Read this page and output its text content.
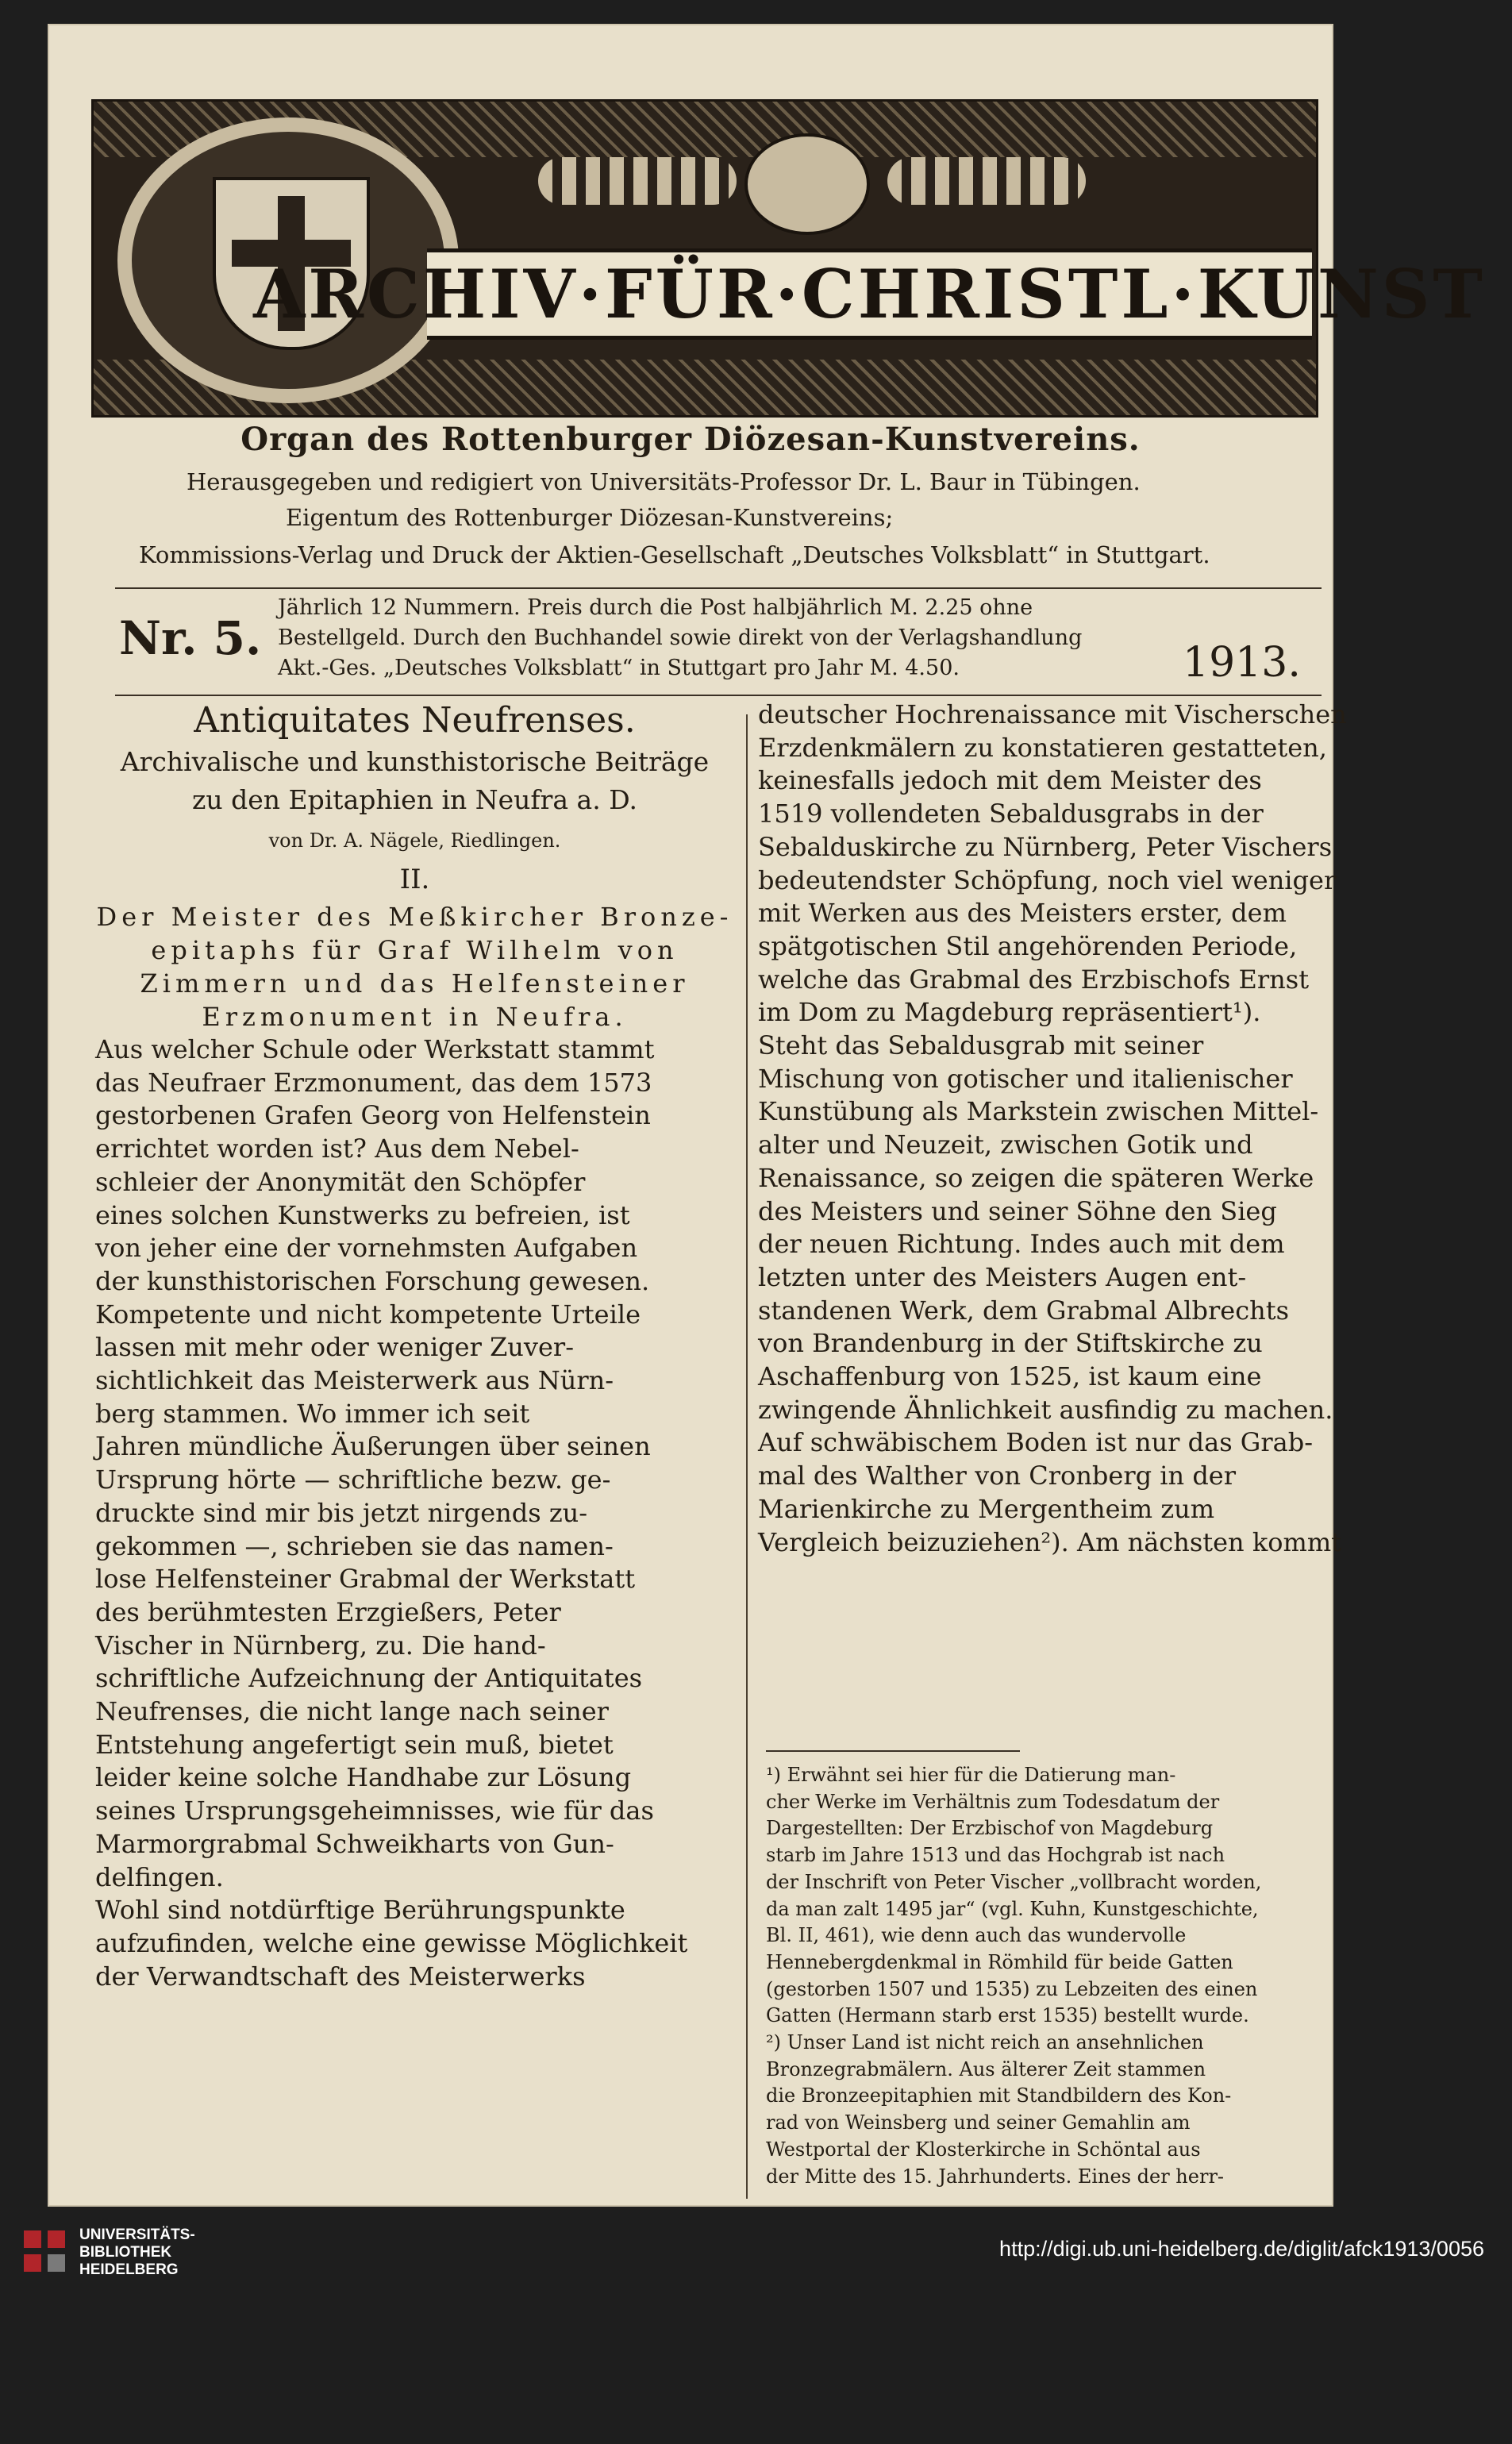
ARCHIV·FÜR·CHRISTL·KUNST
Organ des Rottenburger Diözesan-Kunstvereins.
Herausgegeben und redigiert von Universitäts-Professor Dr. L. Baur in Tübingen.
Eigentum des Rottenburger Diözesan-Kunstvereins;
Kommissions-Verlag und Druck der Aktien-Gesellschaft „Deutsches Volksblatt“ in Stuttgart.
Nr. 5.
Jährlich 12 Nummern. Preis durch die Post halbjährlich M. 2.25 ohne
Bestellgeld. Durch den Buchhandel sowie direkt von der Verlagshandlung
Akt.-Ges. „Deutsches Volksblatt“ in Stuttgart pro Jahr M. 4.50.	1913.
Antiquitates Neufrenses.
Archivalische und kunsthistorische Beiträge
zu den Epitaphien in Neufra a. D.
von Dr. A. Nägele, Riedlingen.
II.
Der Meister des Meßkircher Bronze-
epitaphs für Graf Wilhelm von
Zimmern und das Helfensteiner
Erzmonument in Neufra.
Aus welcher Schule oder Werkstatt stammt
das Neufraer Erzmonument, das dem 1573
gestorbenen Grafen Georg von Helfenstein
errichtet worden ist? Aus dem Nebel-
schleier der Anonymität den Schöpfer
eines solchen Kunstwerks zu befreien, ist
von jeher eine der vornehmsten Aufgaben
der kunsthistorischen Forschung gewesen.
Kompetente und nicht kompetente Urteile
lassen mit mehr oder weniger Zuver-
sichtlichkeit das Meisterwerk aus Nürn-
berg stammen. Wo immer ich seit
Jahren mündliche Äußerungen über seinen
Ursprung hörte — schriftliche bezw. ge-
druckte sind mir bis jetzt nirgends zu-
gekommen —, schrieben sie das namen-
lose Helfensteiner Grabmal der Werkstatt
des berühmtesten Erzgießers, Peter
Vischer in Nürnberg, zu. Die hand-
schriftliche Aufzeichnung der Antiquitates
Neufrenses, die nicht lange nach seiner
Entstehung angefertigt sein muß, bietet
leider keine solche Handhabe zur Lösung
seines Ursprungsgeheimnisses, wie für das
Marmorgrabmal Schweikharts von Gun-
delfingen.
Wohl sind notdürftige Berührungspunkte
aufzufinden, welche eine gewisse Möglichkeit
der Verwandtschaft des Meisterwerks
deutscher Hochrenaissance mit Vischerschen
Erzdenkmälern zu konstatieren gestatteten,
keinesfalls jedoch mit dem Meister des
1519 vollendeten Sebaldusgrabs in der
Sebalduskirche zu Nürnberg, Peter Vischers
bedeutendster Schöpfung, noch viel weniger
mit Werken aus des Meisters erster, dem
spätgotischen Stil angehörenden Periode,
welche das Grabmal des Erzbischofs Ernst
im Dom zu Magdeburg repräsentiert¹).
Steht das Sebaldusgrab mit seiner
Mischung von gotischer und italienischer
Kunstübung als Markstein zwischen Mittel-
alter und Neuzeit, zwischen Gotik und
Renaissance, so zeigen die späteren Werke
des Meisters und seiner Söhne den Sieg
der neuen Richtung. Indes auch mit dem
letzten unter des Meisters Augen ent-
standenen Werk, dem Grabmal Albrechts
von Brandenburg in der Stiftskirche zu
Aschaffenburg von 1525, ist kaum eine
zwingende Ähnlichkeit ausfindig zu machen.
Auf schwäbischem Boden ist nur das Grab-
mal des Walther von Cronberg in der
Marienkirche zu Mergentheim zum
Vergleich beizuziehen²). Am nächsten kommt
¹) Erwähnt sei hier für die Datierung man-
cher Werke im Verhältnis zum Todesdatum der
Dargestellten: Der Erzbischof von Magdeburg
starb im Jahre 1513 und das Hochgrab ist nach
der Inschrift von Peter Vischer „vollbracht worden,
da man zalt 1495 jar“ (vgl. Kuhn, Kunstgeschichte,
Bl. II, 461), wie denn auch das wundervolle
Hennebergdenkmal in Römhild für beide Gatten
(gestorben 1507 und 1535) zu Lebzeiten des einen
Gatten (Hermann starb erst 1535) bestellt wurde.
²) Unser Land ist nicht reich an ansehnlichen
Bronzegrabmälern. Aus älterer Zeit stammen
die Bronzeepitaphien mit Standbildern des Kon-
rad von Weinsberg und seiner Gemahlin am
Westportal der Klosterkirche in Schöntal aus
der Mitte des 15. Jahrhunderts. Eines der herr-
UNIVERSITÄTS-
BIBLIOTHEK
HEIDELBERG
http://digi.ub.uni-heidelberg.de/diglit/afck1913/0056
